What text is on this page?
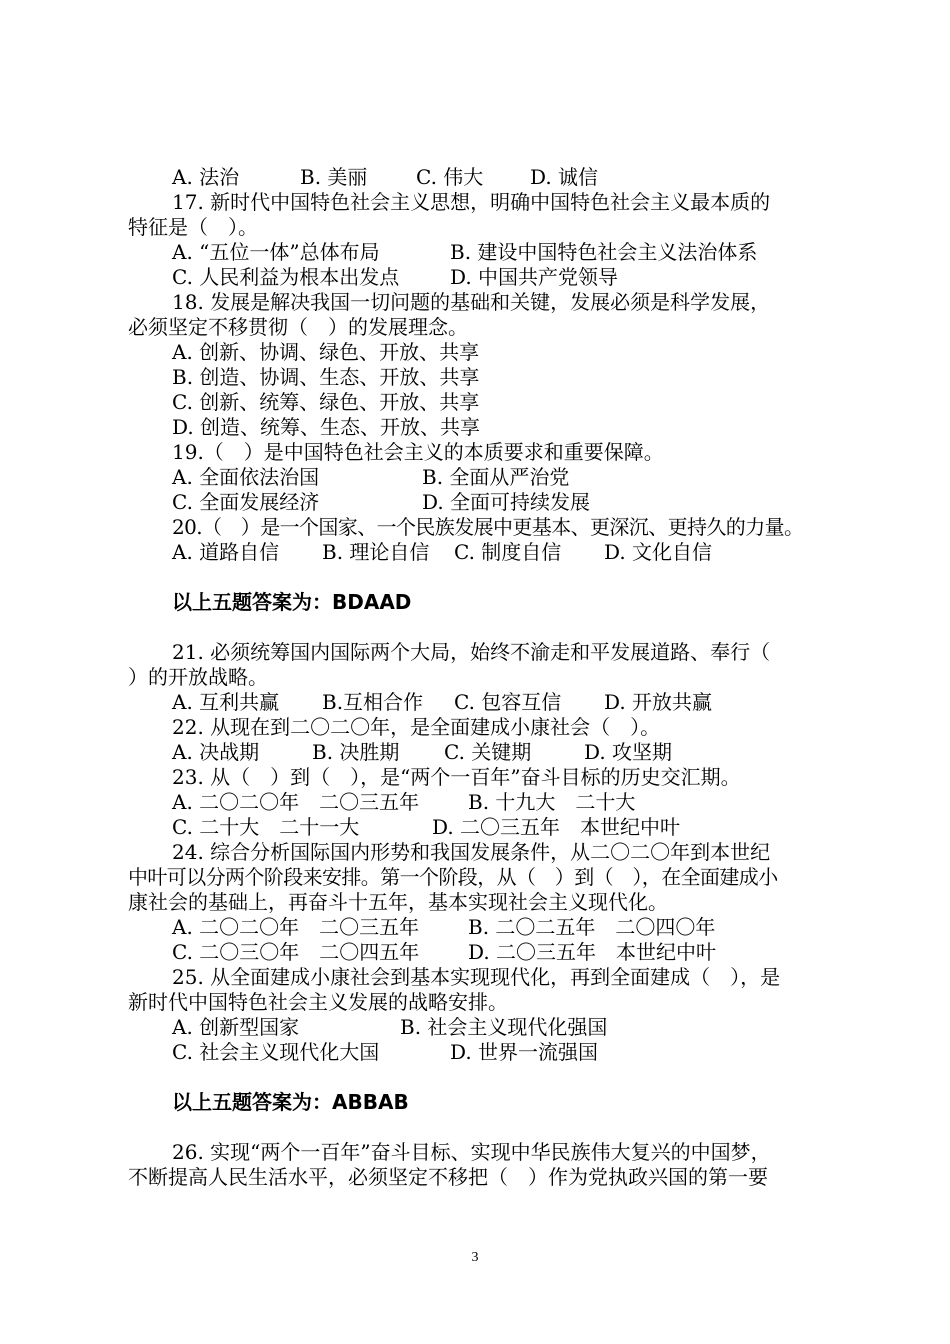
A. 法治	B. 美丽 C. 伟大 D. 诚信
17. 新时代中国特色社会主义思想，明确中国特色社会主义最本质的
特征是（　）。
A. “五位一体”总体布局	B. 建设中国特色社会主义法治体系
C. 人民利益为根本出发点	D. 中国共产党领导
18. 发展是解决我国一切问题的基础和关键，发展必须是科学发展，
必须坚定不移贯彻（　）的发展理念。
A. 创新、协调、绿色、开放、共享
B. 创造、协调、生态、开放、共享
C. 创新、统筹、绿色、开放、共享
D. 创造、统筹、生态、开放、共享
19.（　）是中国特色社会主义的本质要求和重要保障。
A. 全面依法治国	B. 全面从严治党
C. 全面发展经济	D. 全面可持续发展
20.（　）是一个国家、一个民族发展中更基本、更深沉、更持久的力量。
A. 道路自信 B. 理论自信 C. 制度自信 D. 文化自信
以上五题答案为：BDAAD
21. 必须统筹国内国际两个大局，始终不渝走和平发展道路、奉行（
）的开放战略。
A. 互利共赢 B.互相合作 C. 包容互信 D. 开放共赢
22. 从现在到二〇二〇年，是全面建成小康社会（　）。
A. 决战期	B. 决胜期 C. 关键期	D. 攻坚期
23. 从（　）到（　），是“两个一百年”奋斗目标的历史交汇期。
A. 二〇二〇年　二〇三五年 B. 十九大　二十大
C. 二十大　二十一大	D. 二〇三五年　本世纪中叶
24. 综合分析国际国内形势和我国发展条件，从二〇二〇年到本世纪
中叶可以分两个阶段来安排。第一个阶段，从（　）到（　），在全面建成小
康社会的基础上，再奋斗十五年，基本实现社会主义现代化。
A. 二〇二〇年　二〇三五年 B. 二〇二五年　二〇四〇年
C. 二〇三〇年　二〇四五年 D. 二〇三五年　本世纪中叶
25. 从全面建成小康社会到基本实现现代化，再到全面建成（　），是
新时代中国特色社会主义发展的战略安排。
A. 创新型国家	B. 社会主义现代化强国
C. 社会主义现代化大国	D. 世界一流强国
以上五题答案为：ABBAB
26. 实现“两个一百年”奋斗目标、实现中华民族伟大复兴的中国梦，
不断提高人民生活水平，必须坚定不移把（　）作为党执政兴国的第一要
3
